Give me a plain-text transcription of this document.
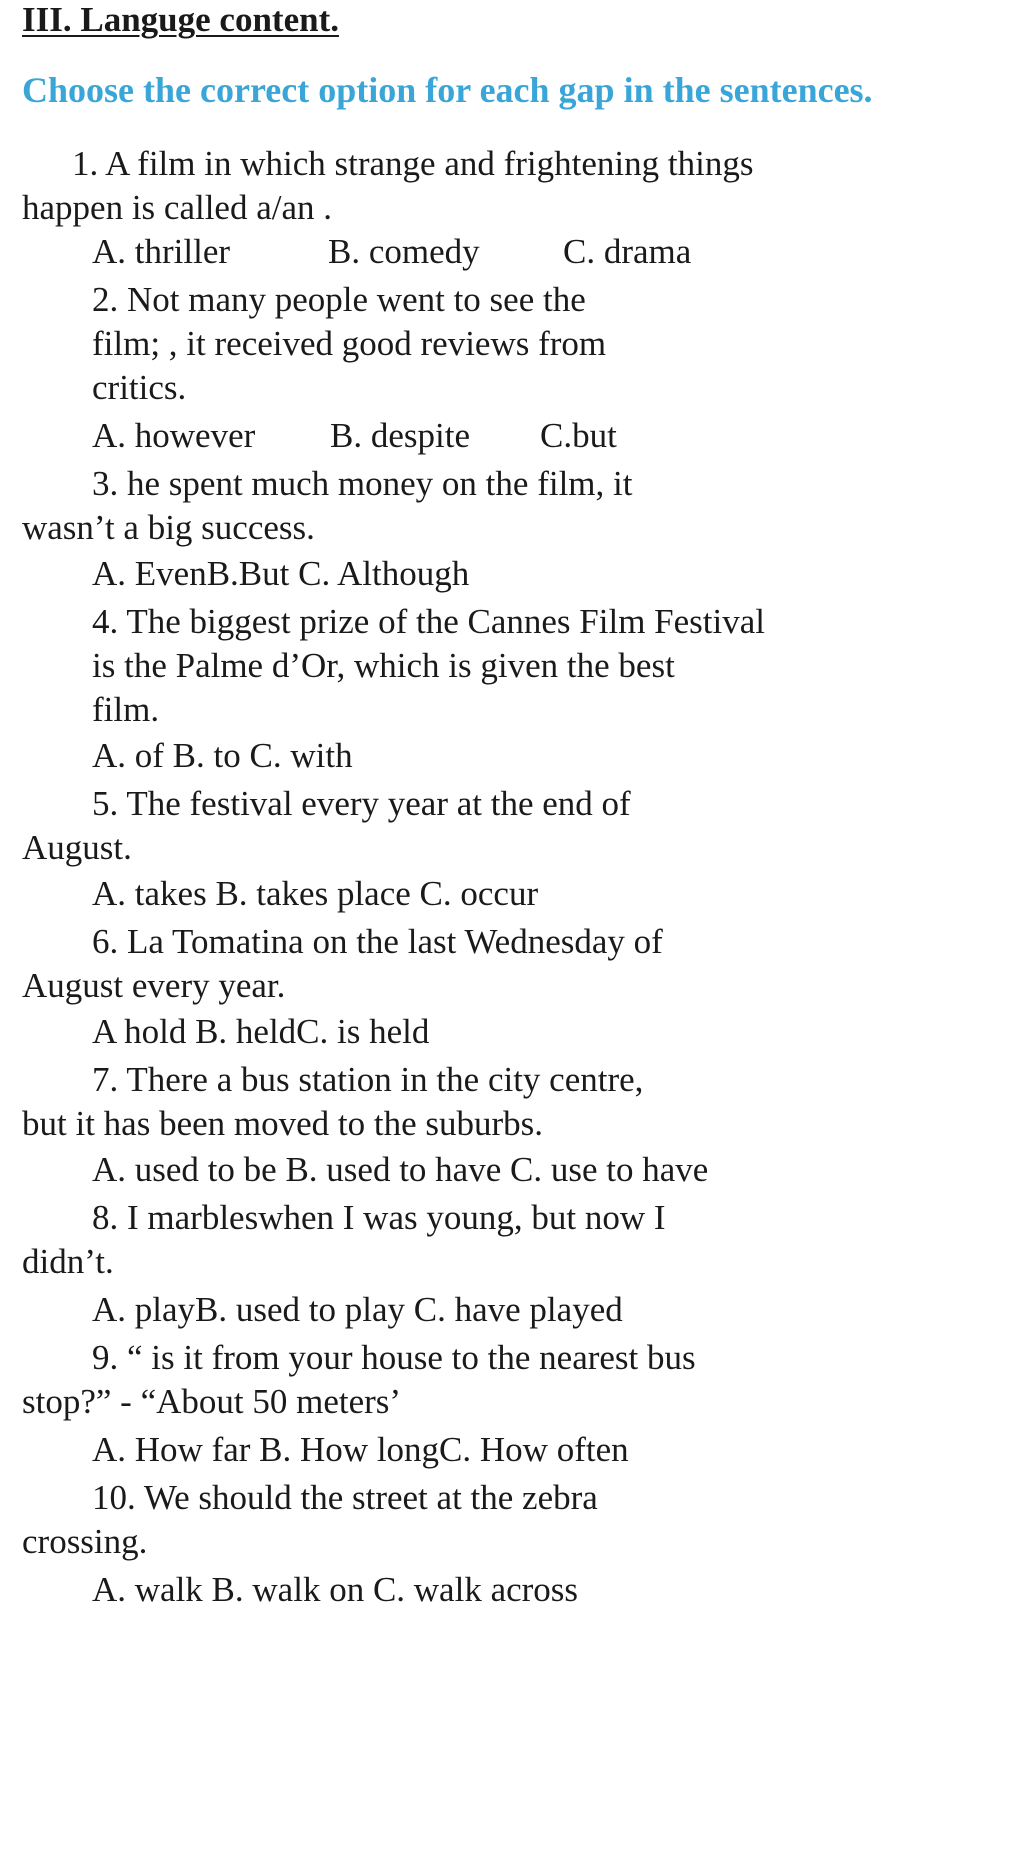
III. Languge content.
Choose the correct option for each gap in the sentences.
1. A film in which strange and frightening things
happen is called a/an .
A. thriller	B. comedy C. drama
2. Not many people went to see the
film; , it received good reviews from
critics.
A. however B. despite C.but
3. he spent much money on the film, it
wasn’t a big success.
A. EvenB.But C. Although
4. The biggest prize of the Cannes Film Festival
is the Palme d’Or, which is given the best
film.
A. of B. to C. with
5. The festival every year at the end of
August.
A. takes B. takes place C. occur
6. La Tomatina on the last Wednesday of
August every year.
A hold B. heldC. is held
7. There a bus station in the city centre,
but it has been moved to the suburbs.
A. used to be B. used to have C. use to have
8. I marbleswhen I was young, but now I
didn’t.
A. playB. used to play C. have played
9. “ is it from your house to the nearest bus
stop?” - “About 50 meters’
A. How far B. How longC. How often
10. We should the street at the zebra
crossing.
A. walk B. walk on C. walk across
